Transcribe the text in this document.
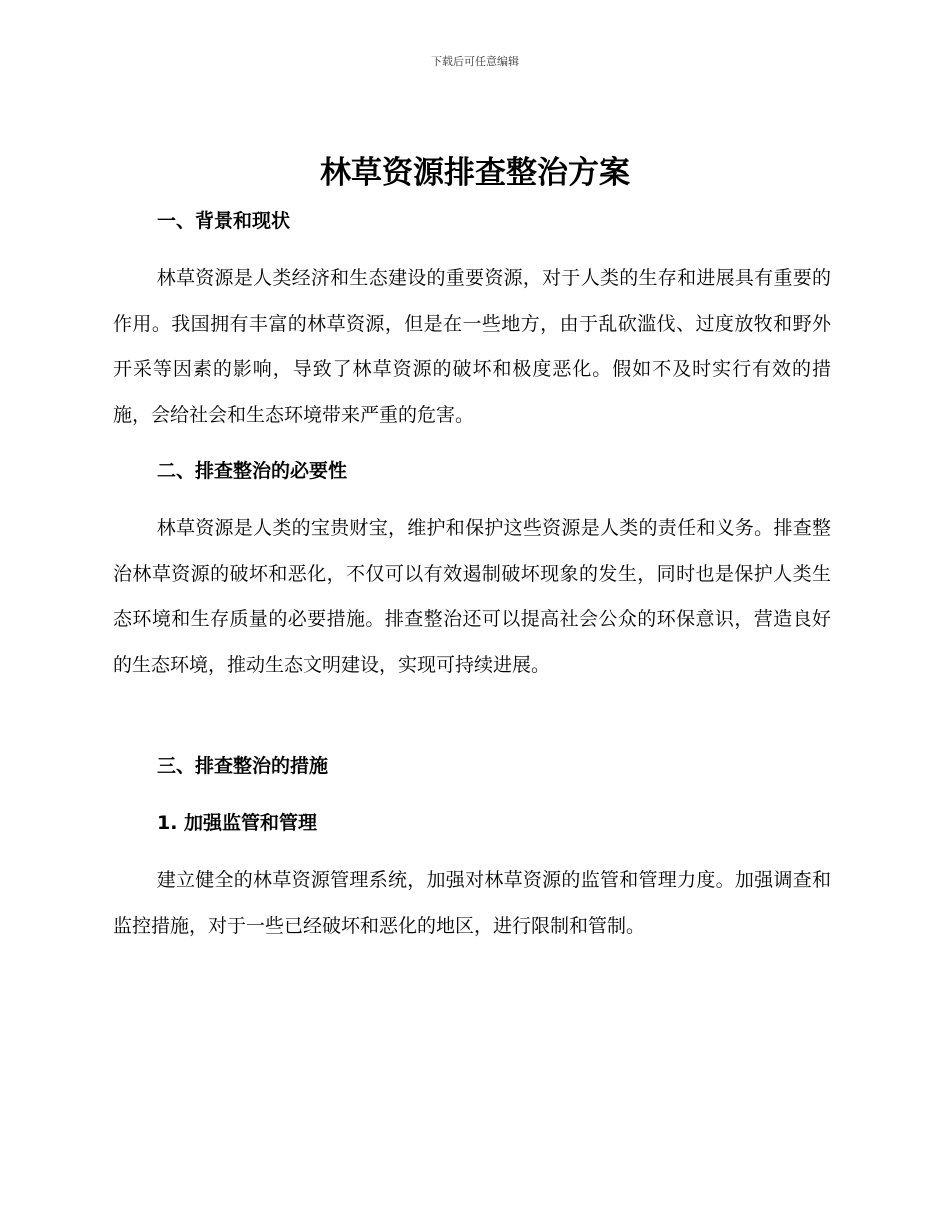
下载后可任意编辑
林草资源排查整治方案
一、背景和现状

林草资源是人类经济和生态建设的重要资源，对于人类的生存和进展具有重要的作用。我国拥有丰富的林草资源，但是在一些地方，由于乱砍滥伐、过度放牧和野外开采等因素的影响，导致了林草资源的破坏和极度恶化。假如不及时实行有效的措施，会给社会和生态环境带来严重的危害。

二、排查整治的必要性

林草资源是人类的宝贵财宝，维护和保护这些资源是人类的责任和义务。排查整治林草资源的破坏和恶化，不仅可以有效遏制破坏现象的发生，同时也是保护人类生态环境和生存质量的必要措施。排查整治还可以提高社会公众的环保意识，营造良好的生态环境，推动生态文明建设，实现可持续进展。

三、排查整治的措施
1. 加强监管和管理

建立健全的林草资源管理系统，加强对林草资源的监管和管理力度。加强调查和监控措施，对于一些已经破坏和恶化的地区，进行限制和管制。
